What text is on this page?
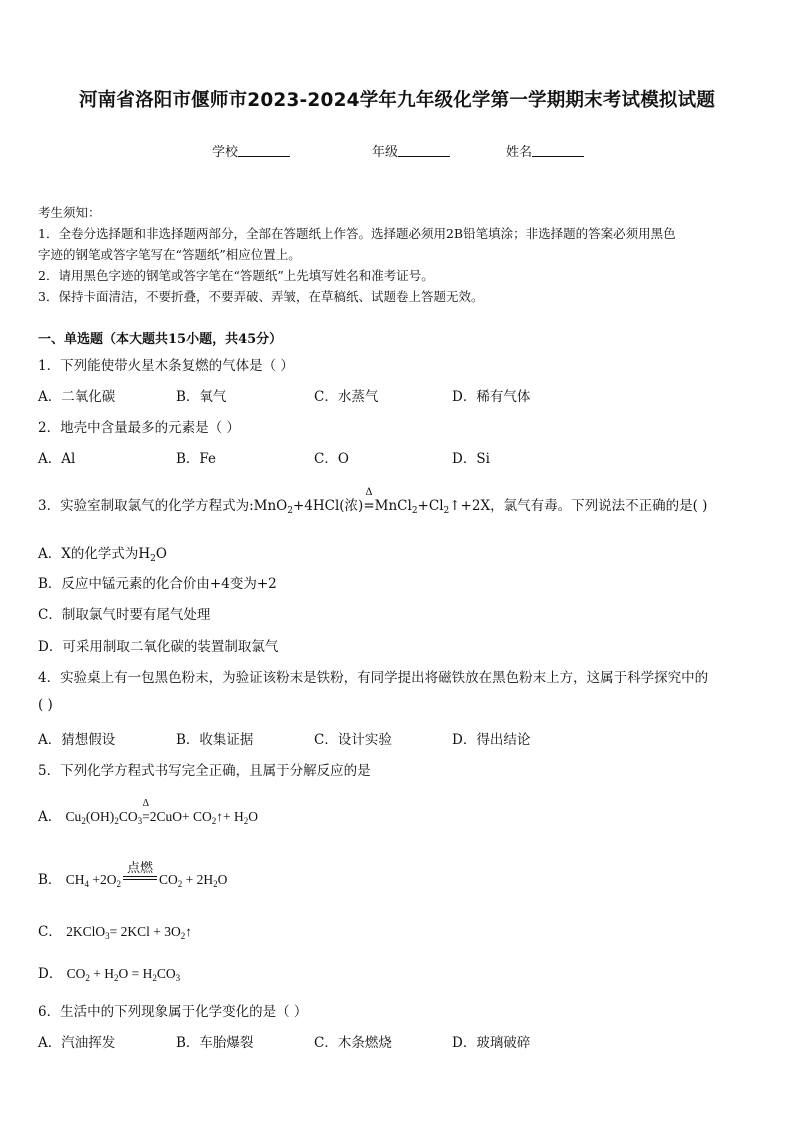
河南省洛阳市偃师市2023-2024学年九年级化学第一学期期末考试模拟试题
学校	年级	姓名
考生须知：
1．全卷分选择题和非选择题两部分，全部在答题纸上作答。选择题必须用2B铅笔填涂；非选择题的答案必须用黑色
字迹的钢笔或答字笔写在“答题纸”相应位置上。
2．请用黑色字迹的钢笔或答字笔在“答题纸”上先填写姓名和准考证号。
3．保持卡面清洁，不要折叠，不要弄破、弄皱，在草稿纸、试题卷上答题无效。
一、单选题（本大题共15小题，共45分）
1．下列能使带火星木条复燃的气体是（ ）
A．二氧化碳	B．氧气	C．水蒸气	D．稀有气体
2．地壳中含量最多的元素是（ ）
A．Al	B．Fe	C．O	D．Si
3．实验室制取氯气的化学方程式为:MnO$_2$+4HCl(浓)
Δ
$=MnCl_2+Cl_2↑+2X$，氯气有毒。下列说法不正确的是( )
A．X的化学式为$H_2O$
B．反应中锰元素的化合价由+4变为+2
C．制取氯气时要有尾气处理
D．可采用制取二氧化碳的装置制取氯气
4．实验桌上有一包黑色粉末，为验证该粉末是铁粉，有同学提出将磁铁放在黑色粉末上方，这属于科学探究中的
( )
A．猜想假设	B．收集证据	C．设计实验	D．得出结论
5．下列化学方程式书写完全正确，且属于分解反应的是
A． $Cu_2(OH)_2CO_3$
Δ
$=2CuO+ CO_2↑+ H_2O$
B． $CH_4 +2O_2$
点燃
$CO_2 + 2H_2O$
C． 2KClO$_3$= $2KCl + 3O_2↑$
D． $CO_2 + H_2O = H_2CO_3$
6．生活中的下列现象属于化学变化的是（ ）
A．汽油挥发	B．车胎爆裂	C．木条燃烧	D．玻璃破碎
